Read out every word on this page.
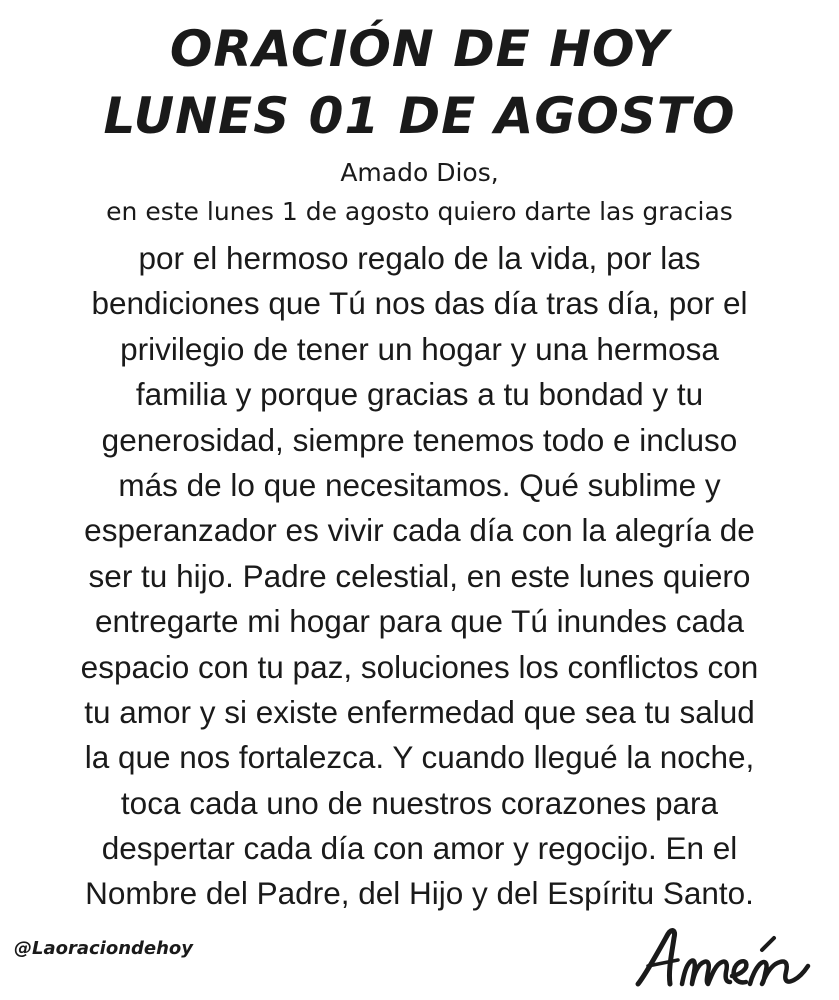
ORACIÓN DE HOY
LUNES 01 DE AGOSTO
Amado Dios,
en este lunes 1 de agosto quiero darte las gracias
por el hermoso regalo de la vida, por las
bendiciones que Tú nos das día tras día, por el
privilegio de tener un hogar y una hermosa
familia y porque gracias a tu bondad y tu
generosidad, siempre tenemos todo e incluso
más de lo que necesitamos. Qué sublime y
esperanzador es vivir cada día con la alegría de
ser tu hijo. Padre celestial, en este lunes quiero
entregarte mi hogar para que Tú inundes cada
espacio con tu paz, soluciones los conflictos con
tu amor y si existe enfermedad que sea tu salud
la que nos fortalezca. Y cuando llegué la noche,
toca cada uno de nuestros corazones para
despertar cada día con amor y regocijo. En el
Nombre del Padre, del Hijo y del Espíritu Santo.
@Laoraciondehoy
